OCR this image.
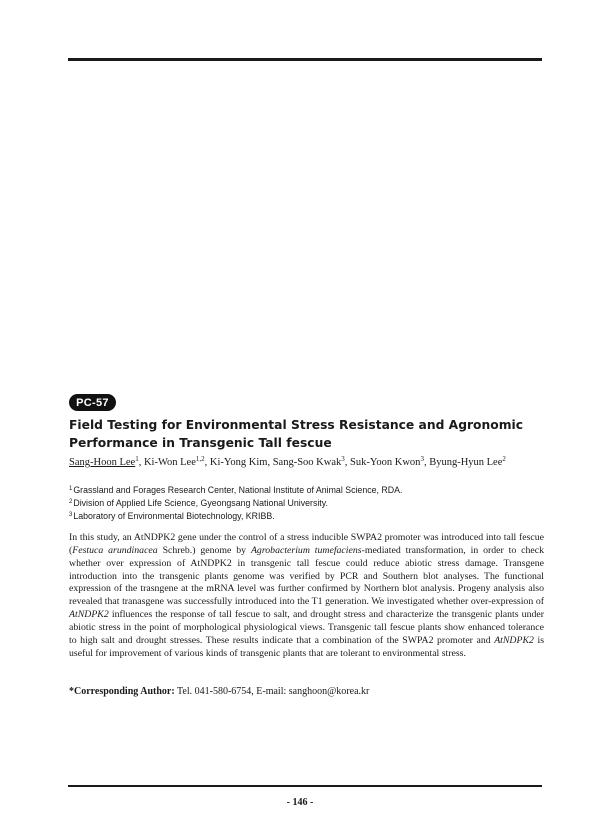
PC-57
Field Testing for Environmental Stress Resistance and Agronomic Performance in Transgenic Tall fescue
Sang-Hoon Lee$^1$, Ki-Won Lee$^{1,2}$, Ki-Yong Kim, Sang-Soo Kwak$^3$, Suk-Yoon Kwon$^3$, Byung-Hyun Lee$^2$
$^1$Grassland and Forages Research Center, National Institute of Animal Science, RDA.
$^2$Division of Applied Life Science, Gyeongsang National University.
$^3$Laboratory of Environmental Biotechnology, KRIBB.

In this study, an AtNDPK2 gene under the control of a stress inducible SWPA2 promoter was introduced into tall fescue (Festuca arundinacea Schreb.) genome by Agrobacterium tumefaciens-mediated transformation, in order to check whether over expression of AtNDPK2 in transgenic tall fescue could reduce abiotic stress damage. Transgene introduction into the transgenic plants genome was verified by PCR and Southern blot analyses. The functional expression of the trasngene at the mRNA level was further confirmed by Northern blot analysis. Progeny analysis also revealed that tranasgene was successfully introduced into the T1 generation. We investigated whether over-expression of AtNDPK2 influences the response of tall fescue to salt, and drought stress and characterize the transgenic plants under abiotic stress in the point of morphological physiological views. Transgenic tall fescue plants show enhanced tolerance to high salt and drought stresses. These results indicate that a combination of the SWPA2 promoter and AtNDPK2 is useful for improvement of various kinds of transgenic plants that are tolerant to environmental stress.

*Corresponding Author: Tel. 041-580-6754, E-mail: sanghoon@korea.kr
- 146 -
